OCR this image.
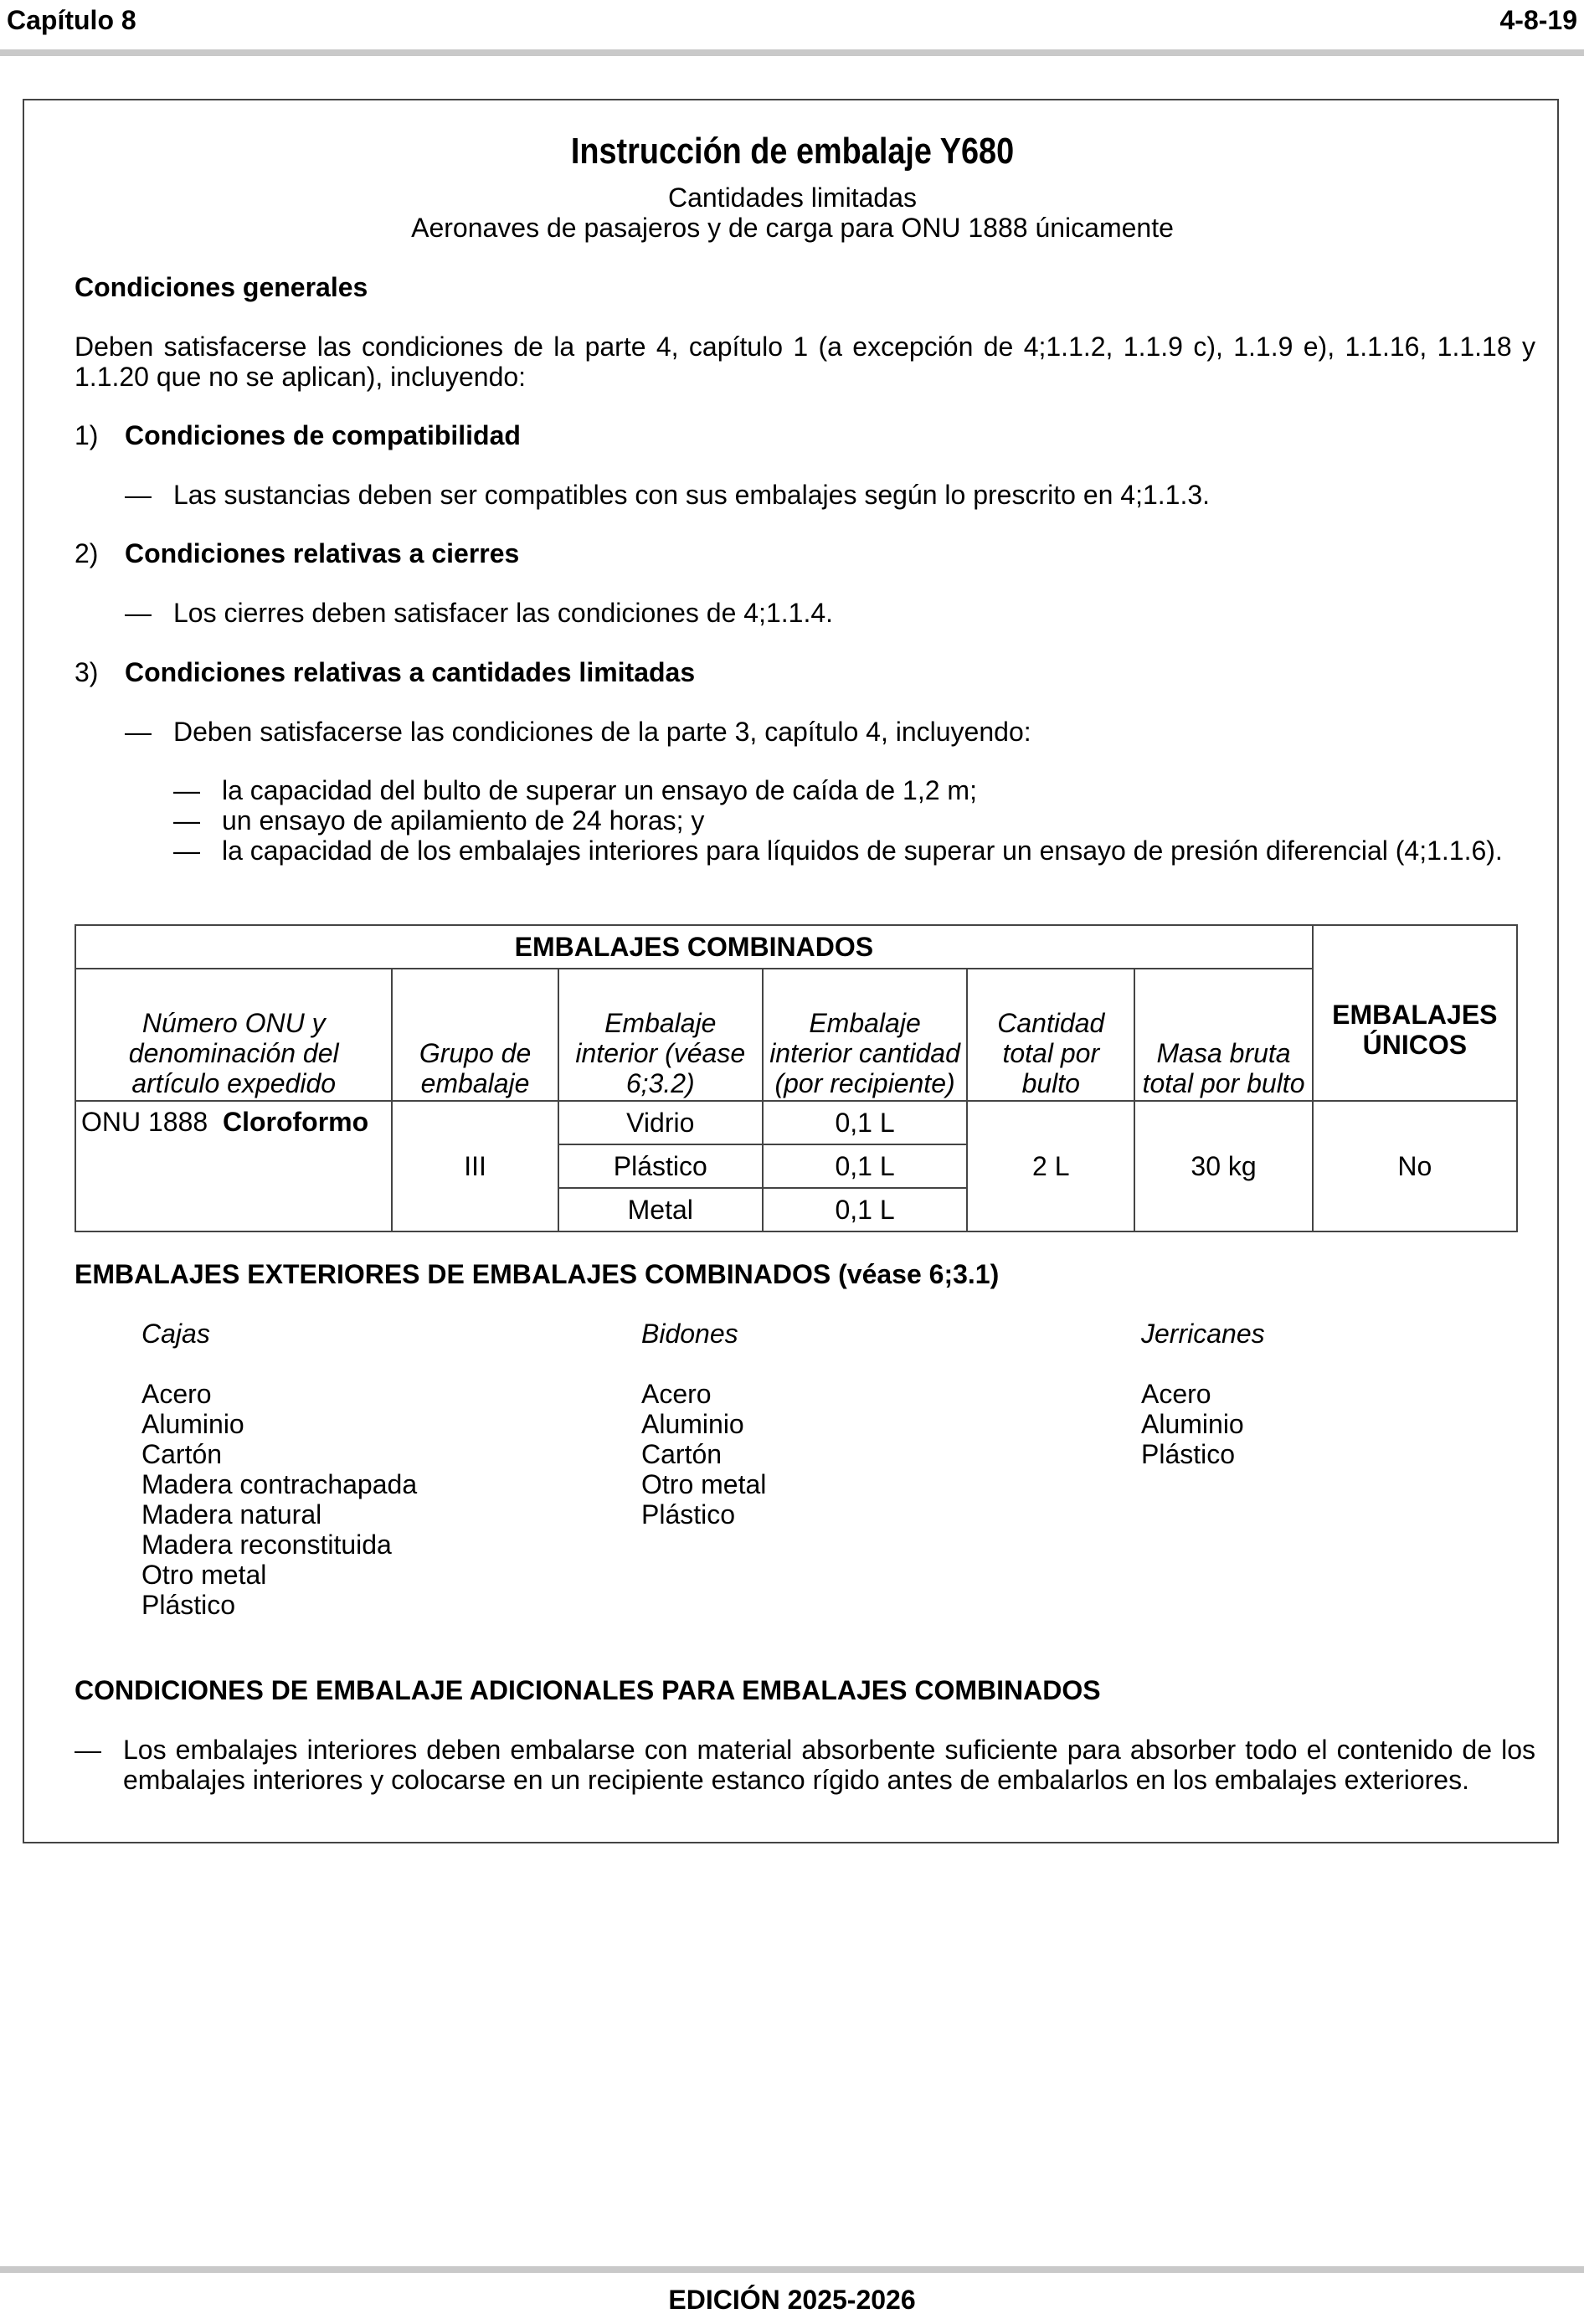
Capítulo 8	4-8-19
Instrucción de embalaje Y680
Cantidades limitadas
Aeronaves de pasajeros y de carga para ONU 1888 únicamente
Condiciones generales
Deben satisfacerse las condiciones de la parte 4, capítulo 1 (a excepción de 4;1.1.2, 1.1.9 c), 1.1.9 e), 1.1.16, 1.1.18 y 1.1.20 que no se aplican), incluyendo:
1) Condiciones de compatibilidad
— Las sustancias deben ser compatibles con sus embalajes según lo prescrito en 4;1.1.3.
2) Condiciones relativas a cierres
— Los cierres deben satisfacer las condiciones de 4;1.1.4.
3) Condiciones relativas a cantidades limitadas
— Deben satisfacerse las condiciones de la parte 3, capítulo 4, incluyendo:
— la capacidad del bulto de superar un ensayo de caída de 1,2 m;
— un ensayo de apilamiento de 24 horas; y
— la capacidad de los embalajes interiores para líquidos de superar un ensayo de presión diferencial (4;1.1.6).
EMBALAJES COMBINADOS						EMBALAJES ÚNICOS
Número ONU y denominación del artículo expedido	Grupo de embalaje	Embalaje interior (véase 6;3.2)	Embalaje interior cantidad (por recipiente)	Cantidad total por bulto	Masa bruta total por bulto	
ONU 1888 Cloroformo	III	Vidrio	0,1 L	2 L	30 kg	No
		Plástico	0,1 L			
		Metal	0,1 L			
EMBALAJES EXTERIORES DE EMBALAJES COMBINADOS (véase 6;3.1)
Cajas
Acero
Aluminio
Cartón
Madera contrachapada
Madera natural
Madera reconstituida
Otro metal
Plástico
Bidones
Acero
Aluminio
Cartón
Otro metal
Plástico
Jerricanes
Acero
Aluminio
Plástico
CONDICIONES DE EMBALAJE ADICIONALES PARA EMBALAJES COMBINADOS
— Los embalajes interiores deben embalarse con material absorbente suficiente para absorber todo el contenido de los embalajes interiores y colocarse en un recipiente estanco rígido antes de embalarlos en los embalajes exteriores.
EDICIÓN 2025-2026
